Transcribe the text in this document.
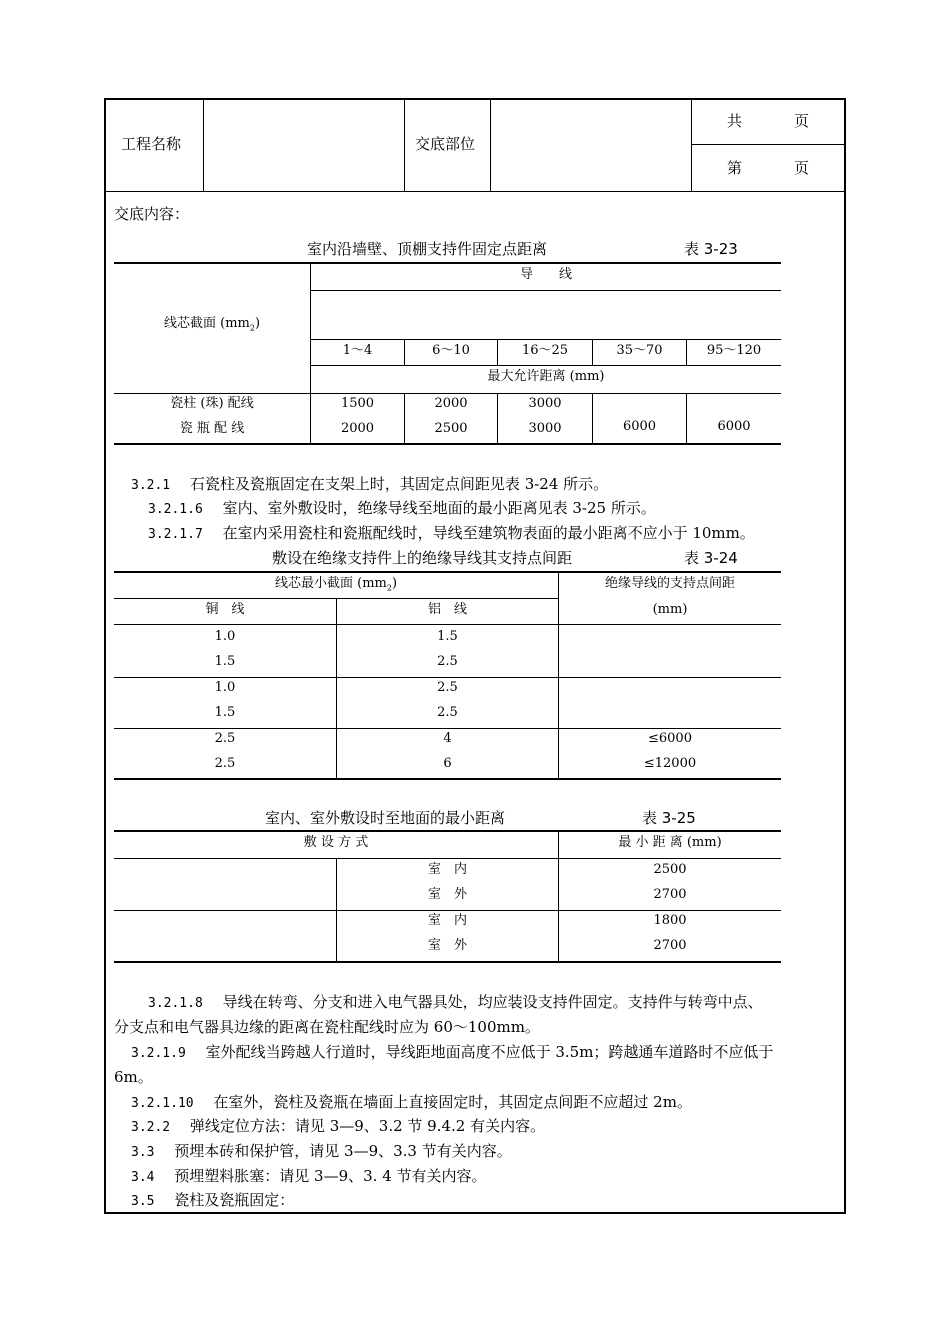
工程名称	交底部位
共	页
第	页
交底内容：
室内沿墙壁、顶棚支持件固定点距离	表 3-23
线芯截面 $(mm_2)$
导　　线
1～4	6～10	16～25	35～70	95～120
最大允许距离 (mm)
瓷柱 (珠) 配线	1500	2000	3000
瓷 瓶 配 线	2000	2500	3000	6000	6000
3.2.1　 石瓷柱及瓷瓶固定在支架上时，其固定点间距见表 3-24 所示。
3.2.1.6　 室内、室外敷设时，绝缘导线至地面的最小距离见表 3-25 所示。
3.2.1.7　 在室内采用瓷柱和瓷瓶配线时，导线至建筑物表面的最小距离不应小于 10mm。
敷设在绝缘支持件上的绝缘导线其支持点间距	表 3-24
线芯最小截面 $(mm_2)$
铜　线	铝　线
绝缘导线的支持点间距
(mm)
1.0	1.5
1.5	2.5
1.0	2.5
1.5	2.5
2.5	4	≤6000
2.5	6	≤12000
室内、室外敷设时至地面的最小距离	表 3-25
敷 设 方 式	最 小 距 离 (mm)
室　内	2500
室　外	2700
室　内	1800
室　外	2700
3.2.1.8　 导线在转弯、分支和进入电气器具处，均应装设支持件固定。支持件与转弯中点、
分支点和电气器具边缘的距离在瓷柱配线时应为 60～100mm。
3.2.1.9　 室外配线当跨越人行道时，导线距地面高度不应低于 3.5m；跨越通车道路时不应低于
6m。
3.2.1.10　 在室外，瓷柱及瓷瓶在墙面上直接固定时，其固定点间距不应超过 2m。
3.2.2　 弹线定位方法：请见 3—9、3.2 节 9.4.2 有关内容。
3.3　 预埋本砖和保护管，请见 3—9、3.3 节有关内容。
3.4　 预埋塑料胀塞：请见 3—9、3. 4 节有关内容。
3.5　 瓷柱及瓷瓶固定：
